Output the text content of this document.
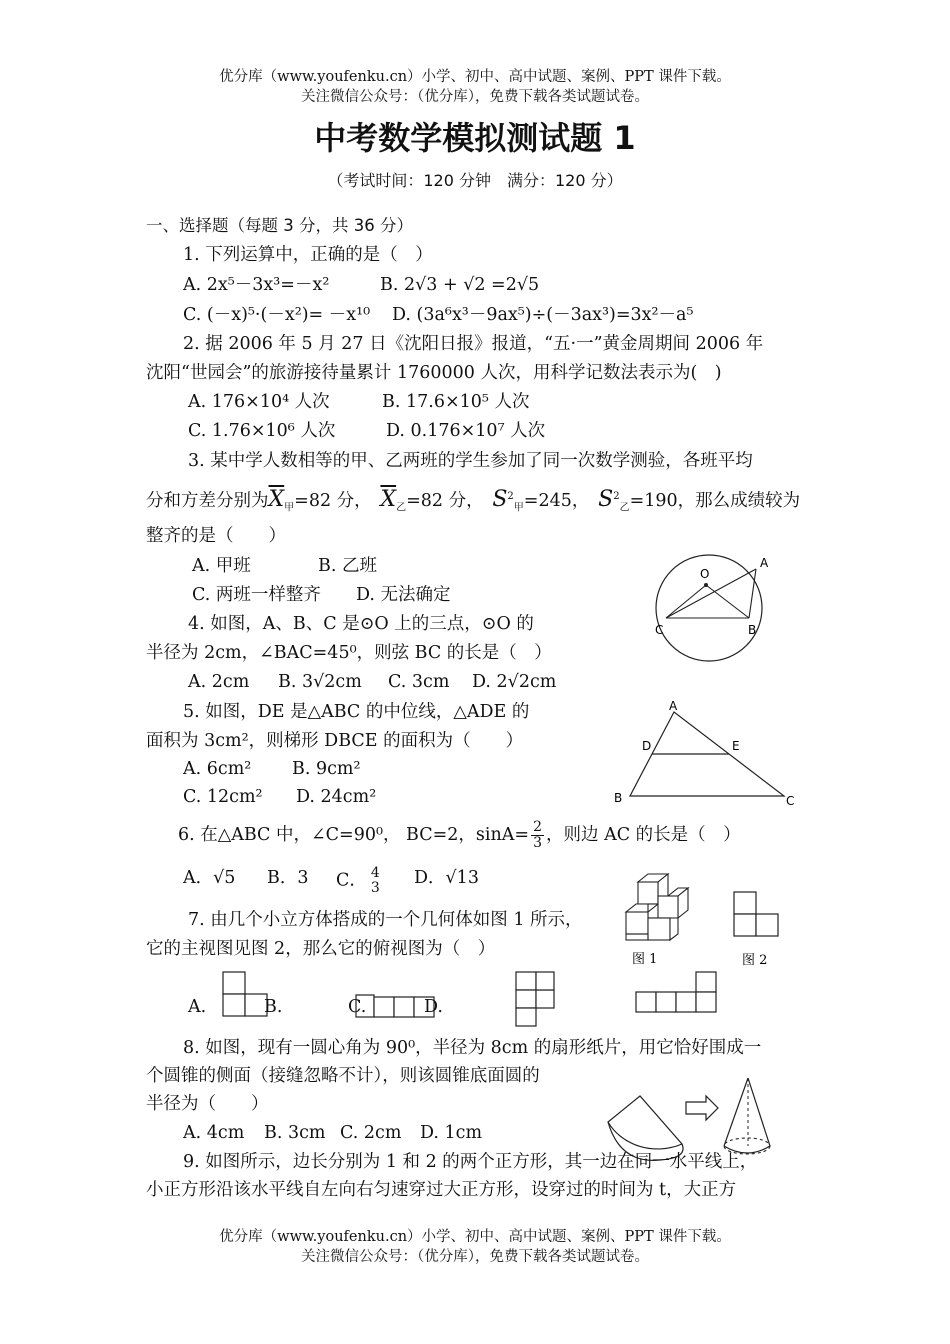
优分库（www.youfenku.cn）小学、初中、高中试题、案例、PPT 课件下载。
关注微信公众号：（优分库），免费下载各类试题试卷。
中考数学模拟测试题 1
（考试时间：120 分钟　满分：120 分）
一、选择题（每题 3 分，共 36 分）
1. 下列运算中，正确的是（　）
A. 2x⁵－3x³=－x²	B. 2√3 + √2 =2√5
C. (－x)⁵·(－x²)= －x¹⁰ D. (3a⁶x³－9ax⁵)÷(－3ax³)=3x²－a⁵
2. 据 2006 年 5 月 27 日《沈阳日报》报道，“五·一”黄金周期间 2006 年
沈阳“世园会”的旅游接待量累计 1760000 人次，用科学记数法表示为(　)
A. 176×10⁴ 人次	B. 17.6×10⁵ 人次
C. 1.76×10⁶ 人次	D. 0.176×10⁷ 人次
3. 某中学人数相等的甲、乙两班的学生参加了同一次数学测验，各班平均
分和方差分别为$\overline{X}_甲=82$ 分，　 $\overline{X}_乙=82$ 分，　 $S^2_甲=245$，　 $S^2_乙=190$，那么成绩较为
整齐的是（　　）
A. 甲班	B. 乙班
C. 两班一样整齐 D. 无法确定
O
A
C	B
4. 如图，A、B、C 是⊙O 上的三点，⊙O 的
半径为 2cm，∠BAC=45⁰，则弦 BC 的长是（　）
A. 2cm B. 3√2cm C. 3cm D. 2√2cm
5. 如图，DE 是△ABC 的中位线，△ADE 的
面积为 3cm²，则梯形 DBCE 的面积为（　　）
A. 6cm² B. 9cm²
C. 12cm² D. 24cm²
A
D	E
B	C
6. 在△ABC 中，∠C=90⁰， BC=2，$\sin A= \frac{2}{3}$ ，则边 AC 的长是（　）
A．√5 B．3 C． 4
3 D．√13
图 1	图 2
7. 由几个小立方体搭成的一个几何体如图 1 所示，
它的主视图见图 2，那么它的俯视图为（　）
A.	B.	C.	D.
8. 如图，现有一圆心角为 90⁰，半径为 8cm 的扇形纸片，用它恰好围成一
个圆锥的侧面（接缝忽略不计），则该圆锥底面圆的
半径为（　　）
A. 4cm B. 3cm C. 2cm D. 1cm
9. 如图所示，边长分别为 1 和 2 的两个正方形，其一边在同一水平线上，
小正方形沿该水平线自左向右匀速穿过大正方形，设穿过的时间为 t，大正方
优分库（www.youfenku.cn）小学、初中、高中试题、案例、PPT 课件下载。
关注微信公众号：（优分库），免费下载各类试题试卷。
